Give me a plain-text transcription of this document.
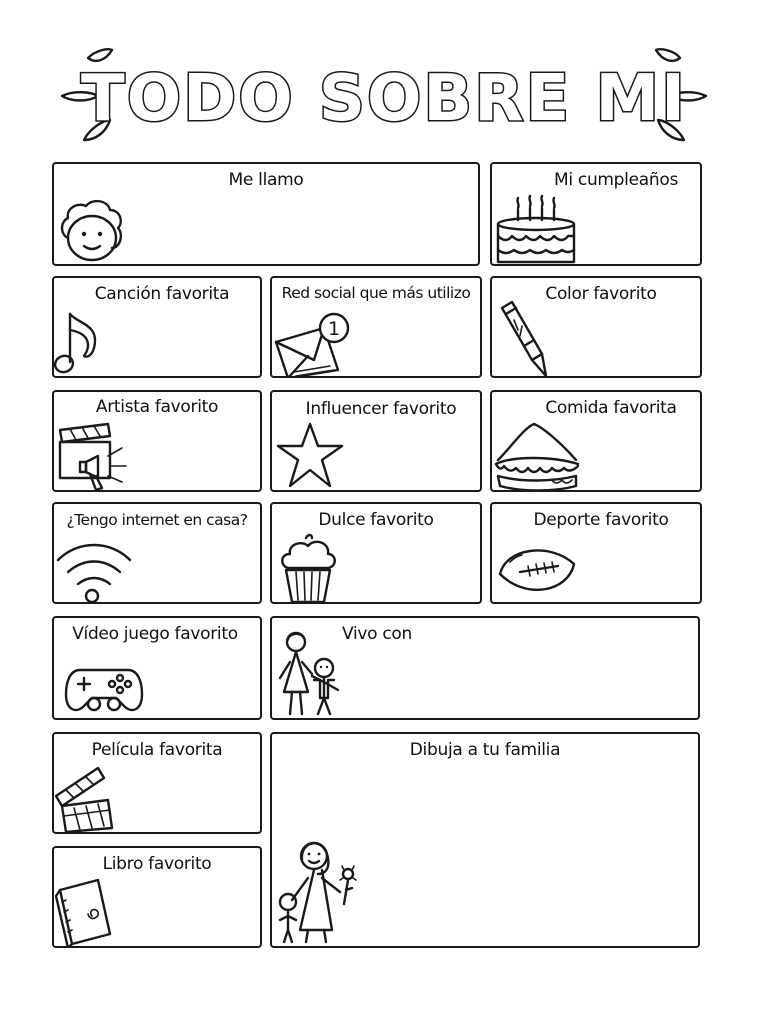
TODO SOBRE MI
Me llamo	Mi cumpleaños
Canción favorita	Red social que más utilizo
1
Color favorito
Artista favorito	Influencer favorito	Comida favorita
¿Tengo internet en casa?	Dulce favorito	Deporte favorito
Vídeo juego favorito	Vivo con
Película favorita	Dibuja a tu familia
Libro favorito
